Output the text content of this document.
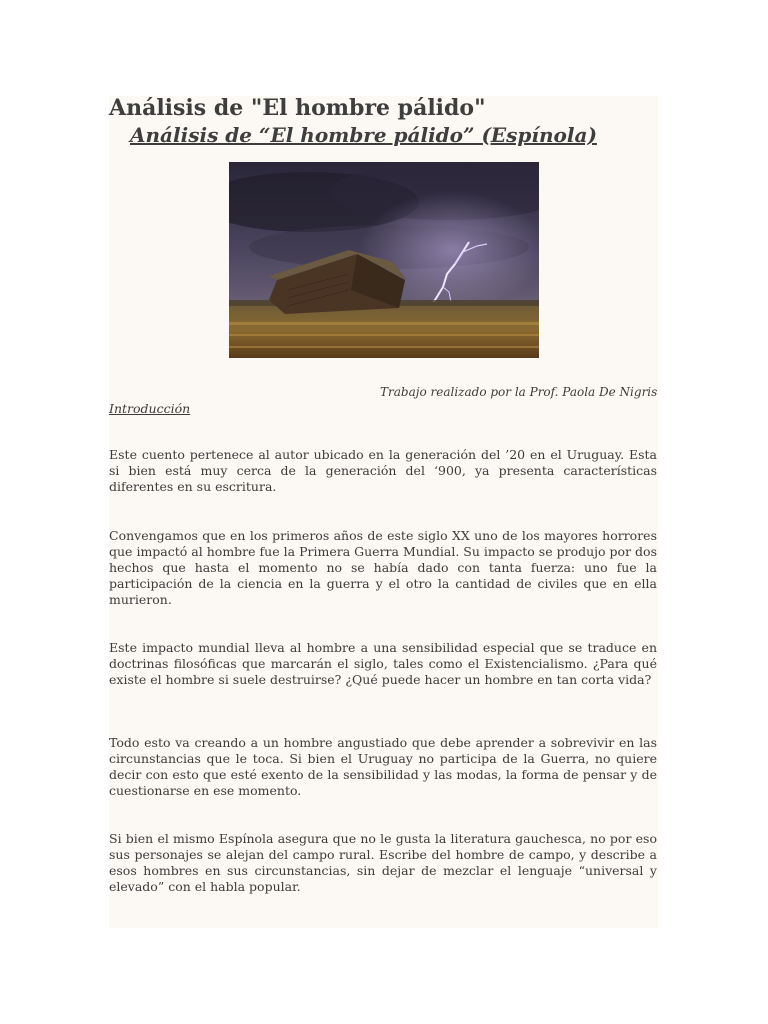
Análisis de "El hombre pálido"
Análisis de “El hombre pálido” (Espínola)
Trabajo realizado por la Prof. Paola De Nigris
Introducción

Este cuento pertenece al autor ubicado en la generación del ’20 en el Uruguay. Esta si bien está muy cerca de la generación del ‘900, ya presenta características diferentes en su escritura.

Convengamos que en los primeros años de este siglo XX uno de los mayores horrores que impactó al hombre fue la Primera Guerra Mundial. Su impacto se produjo por dos hechos que hasta el momento no se había dado con tanta fuerza: uno fue la participación de la ciencia en la guerra y el otro la cantidad de civiles que en ella murieron.

Este impacto mundial lleva al hombre a una sensibilidad especial que se traduce en doctrinas filosóficas que marcarán el siglo, tales como el Existencialismo. ¿Para qué existe el hombre si suele destruirse? ¿Qué puede hacer un hombre en tan corta vida?

Todo esto va creando a un hombre angustiado que debe aprender a sobrevivir en las circunstancias que le toca. Si bien el Uruguay no participa de la Guerra, no quiere decir con esto que esté exento de la sensibilidad y las modas, la forma de pensar y de cuestionarse en ese momento.

Si bien el mismo Espínola asegura que no le gusta la literatura gauchesca, no por eso sus personajes se alejan del campo rural. Escribe del hombre de campo, y describe a esos hombres en sus circunstancias, sin dejar de mezclar el lenguaje “universal y elevado” con el habla popular.
